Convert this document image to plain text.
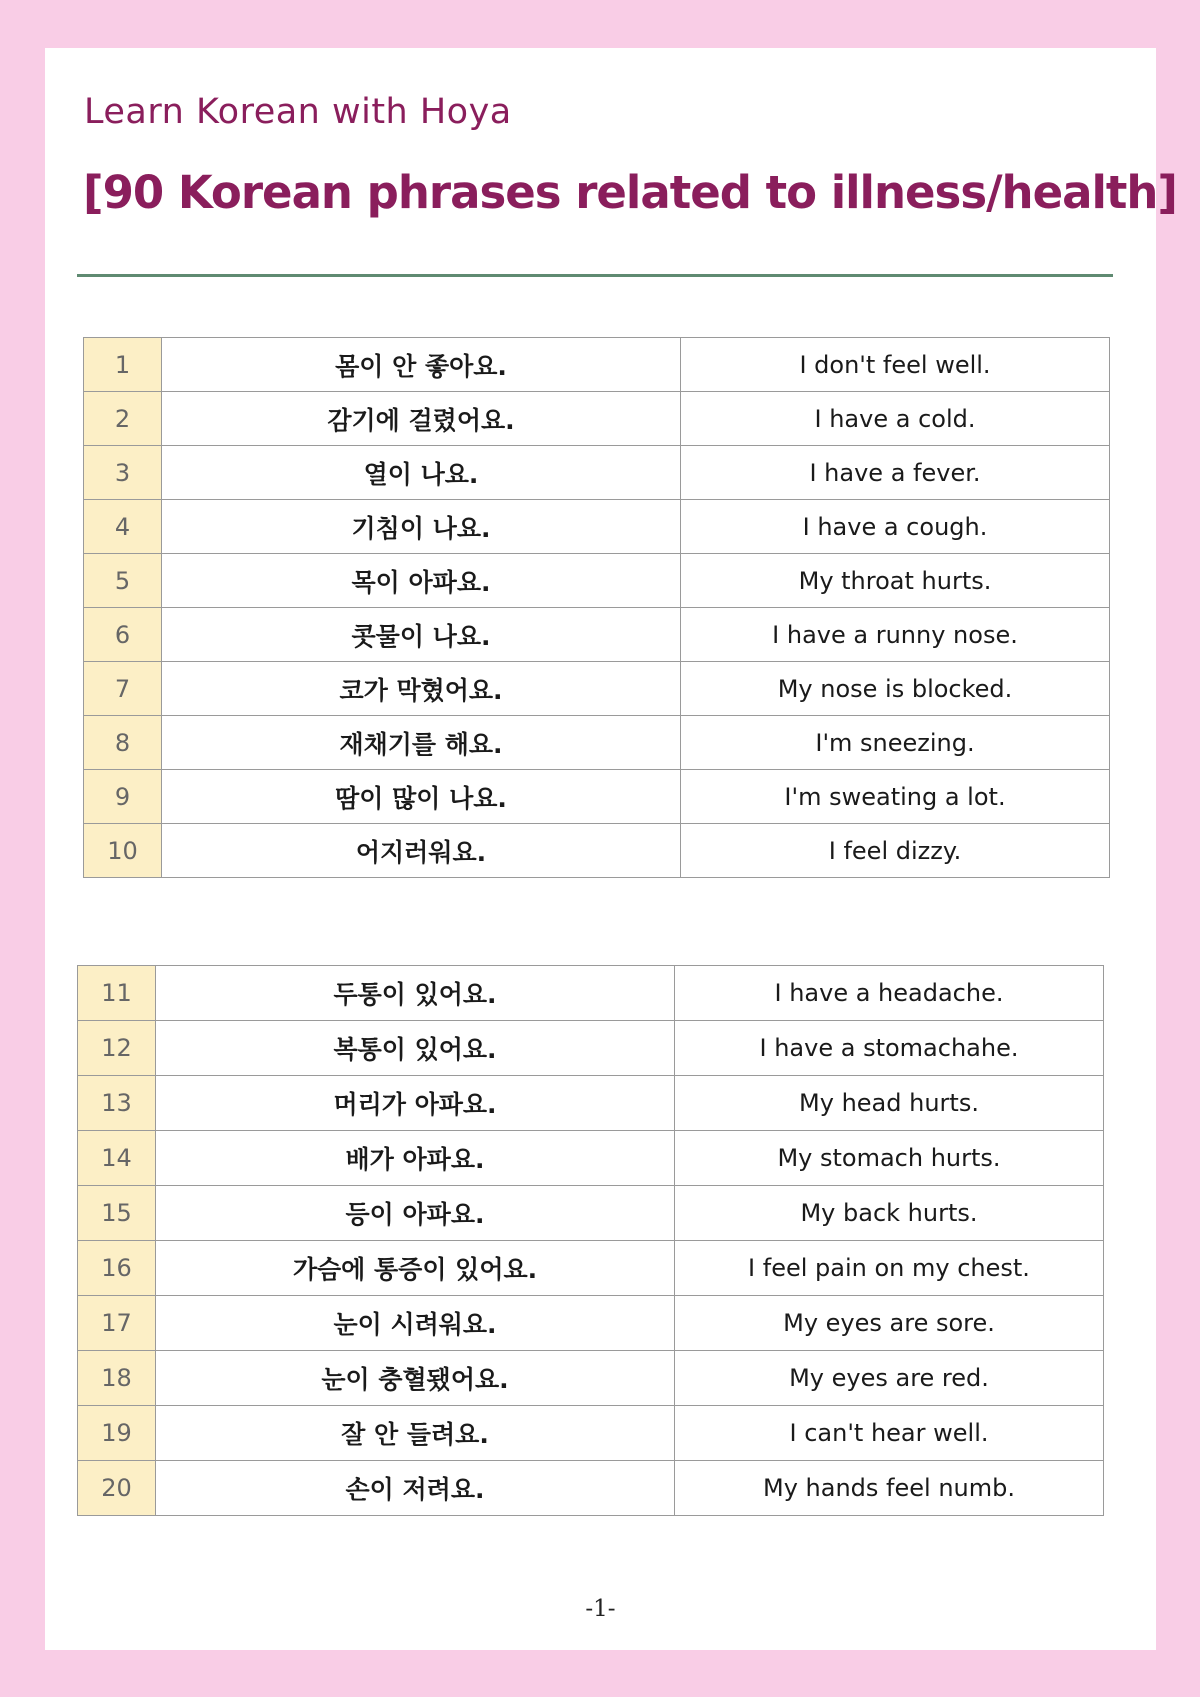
Learn Korean with Hoya
[90 Korean phrases related to illness/health]
1	몸이 안 좋아요.	I don't feel well.
2	감기에 걸렸어요.	I have a cold.
3	열이 나요.	I have a fever.
4	기침이 나요.	I have a cough.
5	목이 아파요.	My throat hurts.
6	콧물이 나요.	I have a runny nose.
7	코가 막혔어요.	My nose is blocked.
8	재채기를 해요.	I'm sneezing.
9	땀이 많이 나요.	I'm sweating a lot.
10	어지러워요.	I feel dizzy.
11	두통이 있어요.	I have a headache.
12	복통이 있어요.	I have a stomachahe.
13	머리가 아파요.	My head hurts.
14	배가 아파요.	My stomach hurts.
15	등이 아파요.	My back hurts.
16	가슴에 통증이 있어요.	I feel pain on my chest.
17	눈이 시려워요.	My eyes are sore.
18	눈이 충혈됐어요.	My eyes are red.
19	잘 안 들려요.	I can't hear well.
20	손이 저려요.	My hands feel numb.
-1-
